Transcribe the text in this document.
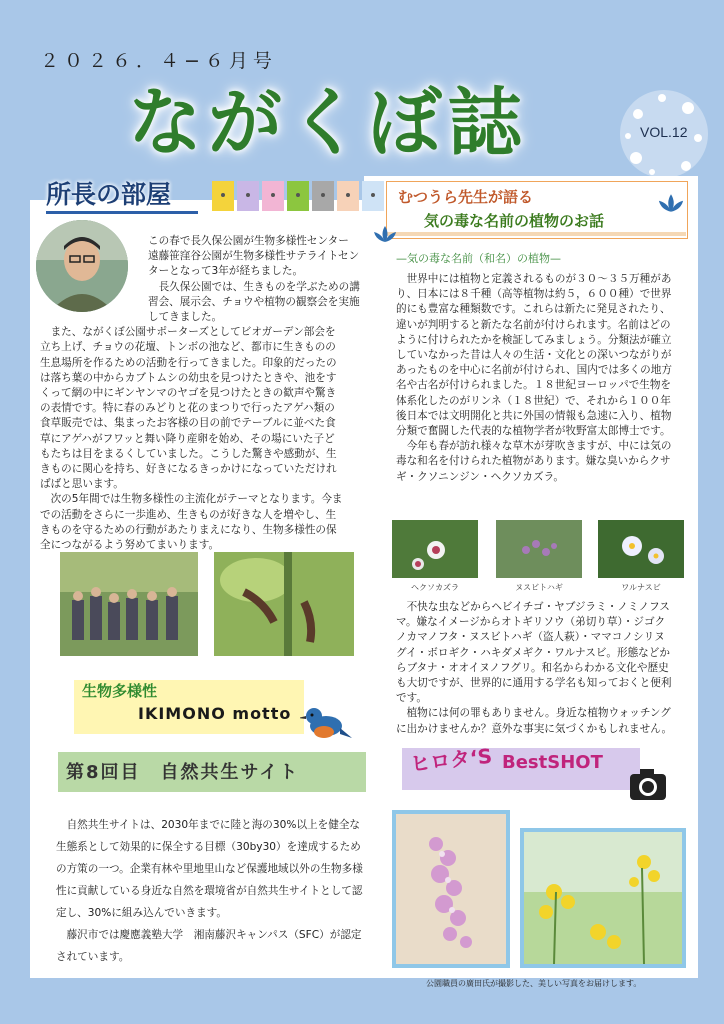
２０２６．４−６月号
ながくぼ誌	VOL.12
所長の部屋
この春で長久保公園が生物多様性センター
遠藤笹窪谷公園が生物多様性サテライトセン
ターとなって3年が経ちました。
　長久保公園では、生きものを学ぶための講
習会、展示会、チョウや植物の観察会を実施
してきました。
　また、ながくぼ公園サポーターズとしてビオガーデン部会を
立ち上げ、チョウの花壇、トンボの池など、都市に生きものの
生息場所を作るための活動を行ってきました。印象的だったの
は落ち葉の中からカブトムシの幼虫を見つけたときや、池をす
くって網の中にギンヤンマのヤゴを見つけたときの歓声や驚き
の表情です。特に春のみどりと花のまつりで行ったアゲハ類の
食草販売では、集まったお客様の目の前でテーブルに並べた食
草にアゲハがフワッと舞い降り産卵を始め、その場にいた子ど
もたちは目をまるくしていました。こうした驚きや感動が、生
きものに関心を持ち、好きになるきっかけになっていただけれ
ばばと思います。
　次の5年間では生物多様性の主流化がテーマとなります。今ま
での活動をさらに一歩進め、生きものが好きな人を増やし、生
きものを守るための行動があたりまえになり、生物多様性の保
全につながるよう努めてまいります。
生物多様性
IKIMONO motto
第8回目　自然共生サイト
　自然共生サイトは、2030年までに陸と海の30%以上を健全な
生態系として効果的に保全する目標（30by30）を達成するため
の方策の一つ。企業有林や里地里山など保護地域以外の生物多様
性に貢献している身近な自然を環境省が自然共生サイトとして認
定し、30%に組み込んでいきます。
　藤沢市では慶應義塾大学　湘南藤沢キャンパス（SFC）が認定
されています。
むつうら先生が語る
気の毒な名前の植物のお話
—気の毒な名前（和名）の植物—
　世界中には植物と定義されるものが３０〜３５万種があ
り、日本には８千種（高等植物は約５，６００種）で世界
的にも豊富な種類数です。これらは新たに発見されたり、
違いが判明すると新たな名前が付けられます。名前はどの
ように付けられたかを検証してみましょう。分類法が確立
していなかった昔は人々の生活・文化との深いつながりが
あったものを中心に名前が付けられ、国内では多くの地方
名や古名が付けられました。１８世紀ヨーロッパで生物を
体系化したのがリンネ（１８世紀）で、それから１００年
後日本では文明開化と共に外国の情報も急速に入り、植物
分類で奮闘した代表的な植物学者が牧野富太郎博士です。
　今年も春が訪れ様々な草木が芽吹きますが、中には気の
毒な和名を付けられた植物があります。嫌な臭いからクサ
ギ・クソニンジン・ヘクソカズラ。
ヘクソカズラ	ヌスビトハギ	ワルナスビ
　不快な虫などからヘビイチゴ・ヤブジラミ・ノミノフス
マ。嫌なイメージからオトギリソウ（弟切り草）・ジゴク
ノカマノフタ・ヌスビトハギ（盗人萩）・ママコノシリヌ
グイ・ボロギク・ハキダメギク・ワルナスビ。形態などか
らブタナ・オオイヌノフグリ。和名からわかる文化や歴史
も大切ですが、世界的に通用する学名も知っておくと便利
です。
　植物には何の罪もありません。身近な植物ウォッチング
に出かけませんか？意外な事実に気づくかもしれません。
ヒロタ‘S BestSHOT
公園職員の廣田氏が撮影した、美しい写真をお届けします。
